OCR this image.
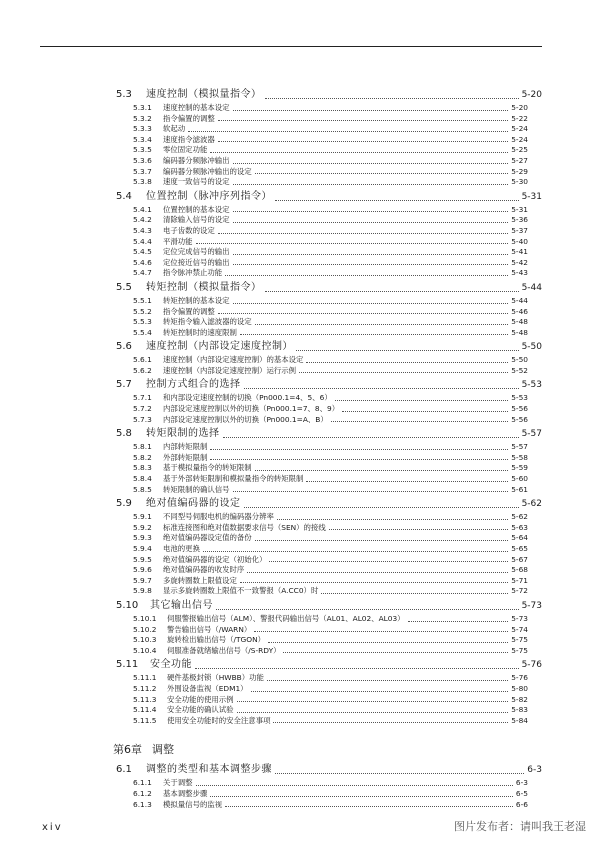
5.3	速度控制（模拟量指令）	5-20
5.3.1	速度控制的基本设定	5-20
5.3.2	指令偏置的调整	5-22
5.3.3	软起动	5-24
5.3.4	速度指令滤波器	5-24
5.3.5	零位固定功能	5-25
5.3.6	编码器分频脉冲输出	5-27
5.3.7	编码器分频脉冲输出的设定	5-29
5.3.8	速度一致信号的设定	5-30
5.4	位置控制（脉冲序列指令）	5-31
5.4.1	位置控制的基本设定	5-31
5.4.2	清除输入信号的设定	5-36
5.4.3	电子齿数的设定	5-37
5.4.4	平滑功能	5-40
5.4.5	定位完成信号的输出	5-41
5.4.6	定位接近信号的输出	5-42
5.4.7	指令脉冲禁止功能	5-43
5.5	转矩控制（模拟量指令）	5-44
5.5.1	转矩控制的基本设定	5-44
5.5.2	指令偏置的调整	5-46
5.5.3	转矩指令输入滤波器的设定	5-48
5.5.4	转矩控制时的速度限制	5-48
5.6	速度控制（内部设定速度控制）	5-50
5.6.1	速度控制（内部设定速度控制）的基本设定	5-50
5.6.2	速度控制（内部设定速度控制）运行示例	5-52
5.7	控制方式组合的选择	5-53
5.7.1	和内部设定速度控制的切换（Pn000.1=4、5、6）	5-53
5.7.2	内部设定速度控制以外的切换（Pn000.1=7、8、9）	5-56
5.7.3	内部设定速度控制以外的切换（Pn000.1=A、B）	5-56
5.8	转矩限制的选择	5-57
5.8.1	内部转矩限制	5-57
5.8.2	外部转矩限制	5-58
5.8.3	基于模拟量指令的转矩限制	5-59
5.8.4	基于外部转矩限制和模拟量指令的转矩限制	5-60
5.8.5	转矩限制的确认信号	5-61
5.9	绝对值编码器的设定	5-62
5.9.1	不同型号伺服电机的编码器分辨率	5-62
5.9.2	标准连接图和绝对值数据要求信号（SEN）的接线	5-63
5.9.3	绝对值编码器设定值的备份	5-64
5.9.4	电池的更换	5-65
5.9.5	绝对值编码器的设定（初始化）	5-67
5.9.6	绝对值编码器的收发时序	5-68
5.9.7	多旋转圈数上限值设定	5-71
5.9.8	显示多旋转圈数上限值不一致警报（A.CC0）时	5-72
5.10	其它输出信号	5-73
5.10.1	伺服警报输出信号（ALM）、警报代码输出信号（AL01、AL02、AL03）	5-73
5.10.2	警告输出信号（/WARN）	5-74
5.10.3	旋转检出输出信号（/TGON）	5-75
5.10.4	伺服准备就绪输出信号（/S-RDY）	5-75
5.11	安全功能	5-76
5.11.1	硬件基极封锁（HWBB）功能	5-76
5.11.2	外围设备监视（EDM1）	5-80
5.11.3	安全功能的使用示例	5-82
5.11.4	安全功能的确认试验	5-83
5.11.5	使用安全功能时的安全注意事项	5-84
第6章 调整
6.1	调整的类型和基本调整步骤	6-3
6.1.1	关于调整	6-3
6.1.2	基本调整步骤	6-5
6.1.3	模拟量信号的监视	6-6
xiv	图片发布者：请叫我王老湿
